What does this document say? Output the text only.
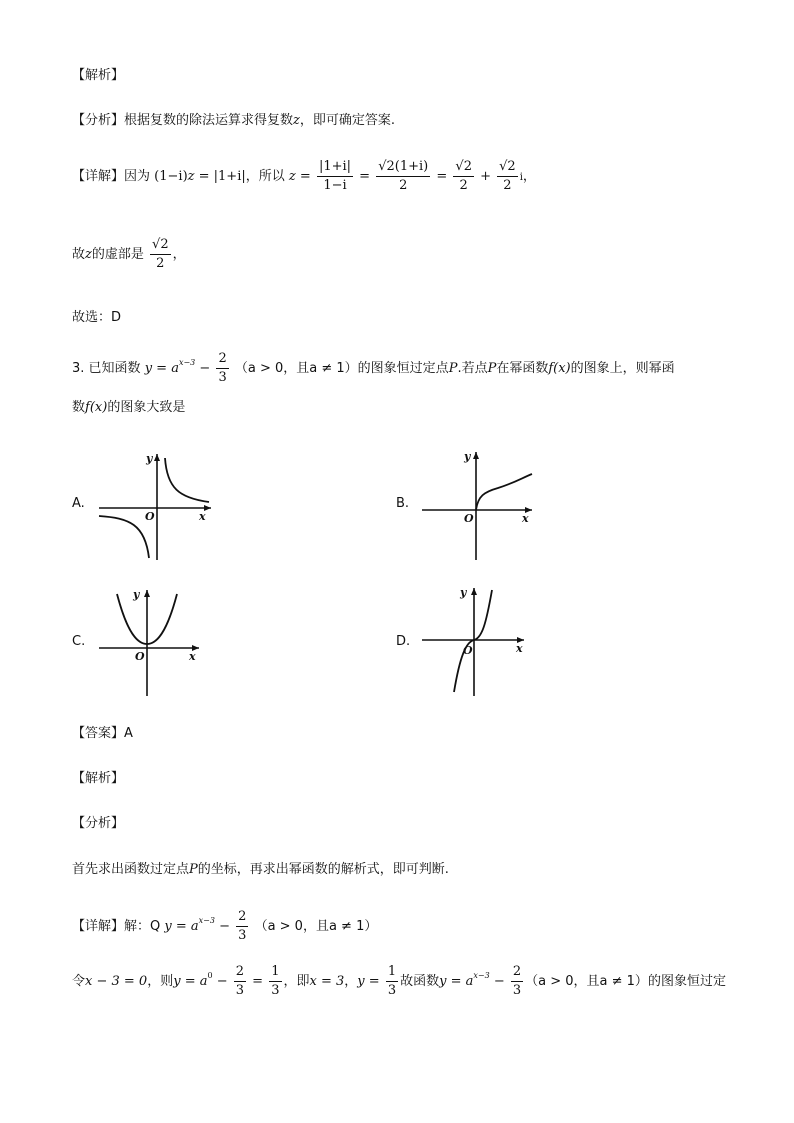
【解析】
【分析】根据复数的除法运算求得复数z，即可确定答案.
【详解】因为 (1−i)z = |1+i|，所以 $z = \frac{|1+i|}{1-i} = \frac{√2(1+i)}{2} = \frac{√2}{2} + \frac{√2}{2}$ i，
故z的虚部是 $\frac{√2}{2}$ ，
故选：D
3. 已知函数 $y = a^{x-3} - \frac{2}{3} (a > 0$，且a ≠ 1）的图象恒过定点P.若点P在幂函数f(x)的图象上，则幂函
数f(x)的图象大致是
A.
y
x
O
B.
y
x
O
C.
y
x
O
D.
y
x
O
【答案】A
【解析】
【分析】
首先求出函数过定点P的坐标，再求出幂函数的解析式，即可判断.
【详解】解：Q $y = a^{x-3} - \frac{2}{3} (a > 0$，且a ≠ 1）
令x − 3 = 0，则$y = a^0 - \frac{2}{3} = \frac{1}{3}$ ，即x = 3，$y = \frac{1}{3}$ 故函数$y = a^{x-3} - \frac{2}{3} (a > 0$，且a ≠ 1）的图象恒过定
